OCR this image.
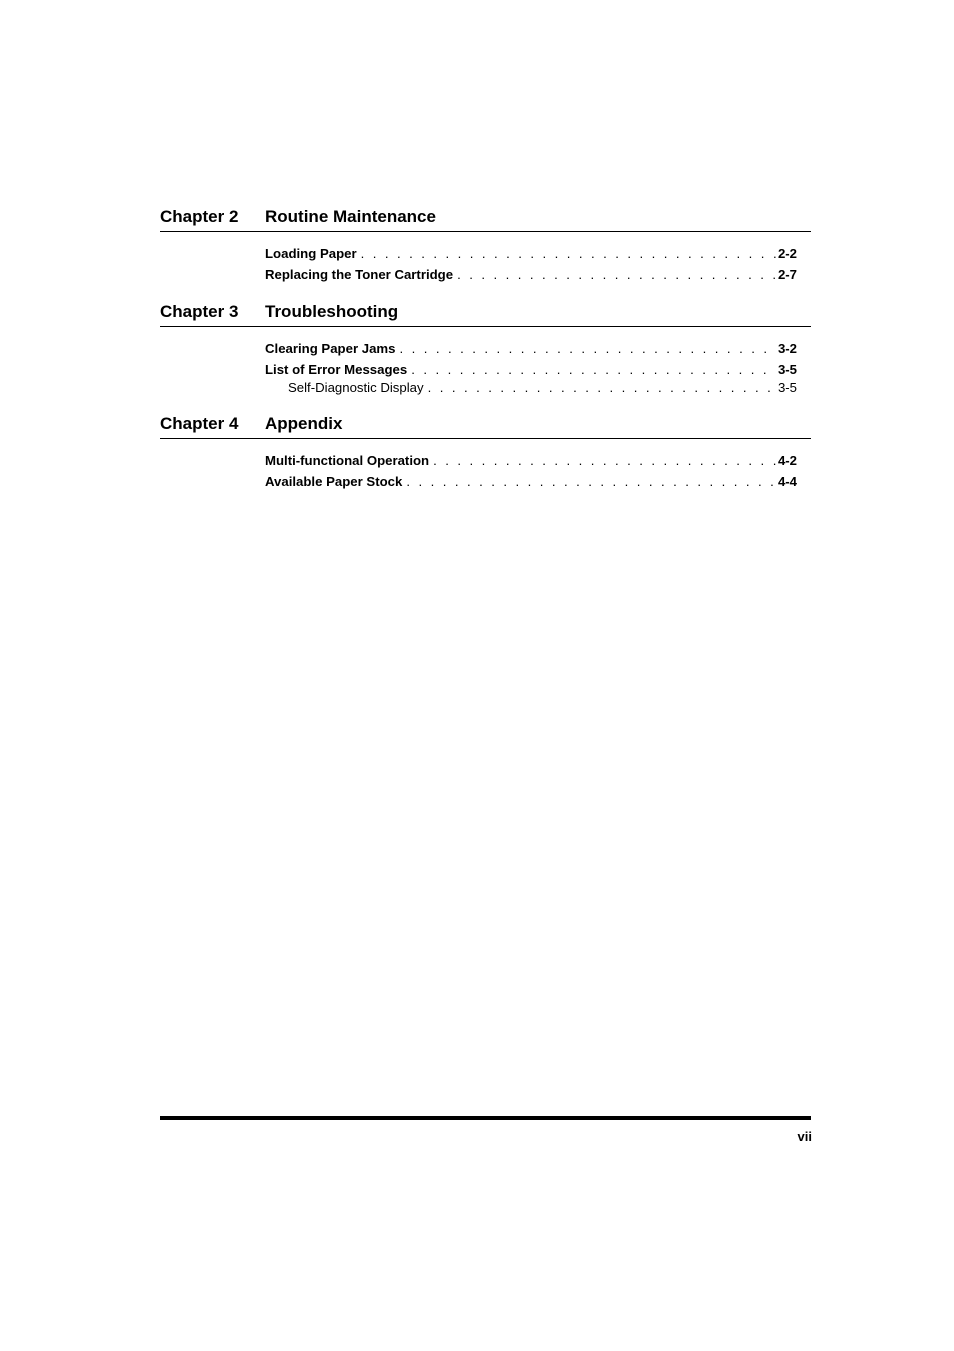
Chapter 2 Routine Maintenance
Loading Paper . . .	2-2
Replacing the Toner Cartridge . . .	2-7
Chapter 3 Troubleshooting
Clearing Paper Jams . . .	3-2
List of Error Messages . . .	3-5
Self-Diagnostic Display . . .	3-5
Chapter 4 Appendix
Multi-functional Operation . . .	4-2
Available Paper Stock . . .	4-4
vii
